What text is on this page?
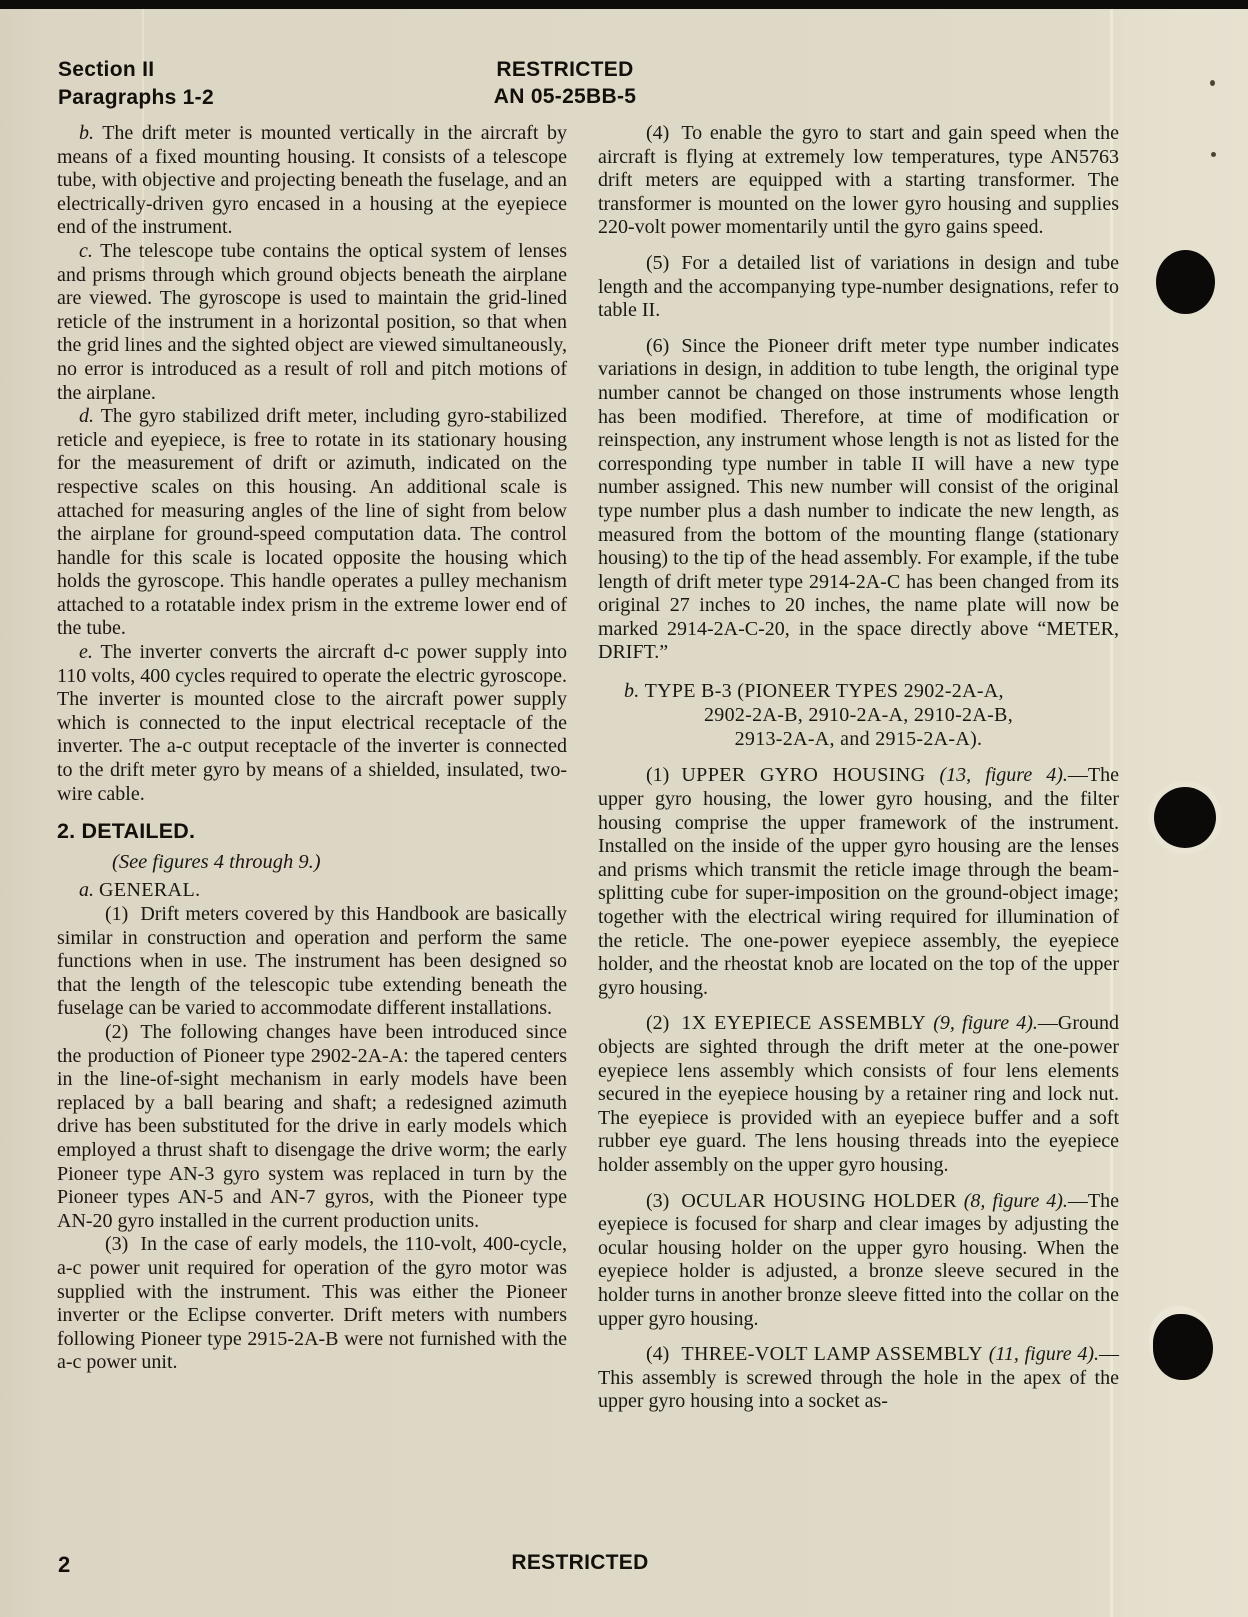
Section II
Paragraphs 1-2
RESTRICTED
AN 05-25BB-5

b. The drift meter is mounted vertically in the aircraft by means of a fixed mounting housing. It consists of a telescope tube, with objective and projecting beneath the fuselage, and an electrically-driven gyro encased in a housing at the eyepiece end of the instrument.

c. The telescope tube contains the optical system of lenses and prisms through which ground objects beneath the airplane are viewed. The gyroscope is used to maintain the grid-lined reticle of the instrument in a horizontal position, so that when the grid lines and the sighted object are viewed simultaneously, no error is introduced as a result of roll and pitch motions of the airplane.

d. The gyro stabilized drift meter, including gyro-stabilized reticle and eyepiece, is free to rotate in its stationary housing for the measurement of drift or azimuth, indicated on the respective scales on this housing. An additional scale is attached for measuring angles of the line of sight from below the airplane for ground-speed computation data. The control handle for this scale is located opposite the housing which holds the gyroscope. This handle operates a pulley mechanism attached to a rotatable index prism in the extreme lower end of the tube.

e. The inverter converts the aircraft d-c power supply into 110 volts, 400 cycles required to operate the electric gyroscope. The inverter is mounted close to the aircraft power supply which is connected to the input electrical receptacle of the inverter. The a-c output receptacle of the inverter is connected to the drift meter gyro by means of a shielded, insulated, two-wire cable.

2. DETAILED.
(See figures 4 through 9.)

a. GENERAL.

(1) Drift meters covered by this Handbook are basically similar in construction and operation and perform the same functions when in use. The instrument has been designed so that the length of the telescopic tube extending beneath the fuselage can be varied to accommodate different installations.

(2) The following changes have been introduced since the production of Pioneer type 2902-2A-A: the tapered centers in the line-of-sight mechanism in early models have been replaced by a ball bearing and shaft; a redesigned azimuth drive has been substituted for the drive in early models which employed a thrust shaft to disengage the drive worm; the early Pioneer type AN-3 gyro system was replaced in turn by the Pioneer types AN-5 and AN-7 gyros, with the Pioneer type AN-20 gyro installed in the current production units.

(3) In the case of early models, the 110-volt, 400-cycle, a-c power unit required for operation of the gyro motor was supplied with the instrument. This was either the Pioneer inverter or the Eclipse converter. Drift meters with numbers following Pioneer type 2915-2A-B were not furnished with the a-c power unit.

(4) To enable the gyro to start and gain speed when the aircraft is flying at extremely low temperatures, type AN5763 drift meters are equipped with a starting transformer. The transformer is mounted on the lower gyro housing and supplies 220-volt power momentarily until the gyro gains speed.

(5) For a detailed list of variations in design and tube length and the accompanying type-number designations, refer to table II.

(6) Since the Pioneer drift meter type number indicates variations in design, in addition to tube length, the original type number cannot be changed on those instruments whose length has been modified. Therefore, at time of modification or reinspection, any instrument whose length is not as listed for the corresponding type number in table II will have a new type number assigned. This new number will consist of the original type number plus a dash number to indicate the new length, as measured from the bottom of the mounting flange (stationary housing) to the tip of the head assembly. For example, if the tube length of drift meter type 2914-2A-C has been changed from its original 27 inches to 20 inches, the name plate will now be marked 2914-2A-C-20, in the space directly above “METER, DRIFT.”

b. TYPE B-3 (PIONEER TYPES 2902-2A-A,
2902-2A-B, 2910-2A-A, 2910-2A-B,
2913-2A-A, and 2915-2A-A).

(1) UPPER GYRO HOUSING (13, figure 4).—The upper gyro housing, the lower gyro housing, and the filter housing comprise the upper framework of the instrument. Installed on the inside of the upper gyro housing are the lenses and prisms which transmit the reticle image through the beam-splitting cube for super-imposition on the ground-object image; together with the electrical wiring required for illumination of the reticle. The one-power eyepiece assembly, the eyepiece holder, and the rheostat knob are located on the top of the upper gyro housing.

(2) 1X EYEPIECE ASSEMBLY (9, figure 4).—Ground objects are sighted through the drift meter at the one-power eyepiece lens assembly which consists of four lens elements secured in the eyepiece housing by a retainer ring and lock nut. The eyepiece is provided with an eyepiece buffer and a soft rubber eye guard. The lens housing threads into the eyepiece holder assembly on the upper gyro housing.

(3) OCULAR HOUSING HOLDER (8, figure 4).—The eyepiece is focused for sharp and clear images by adjusting the ocular housing holder on the upper gyro housing. When the eyepiece holder is adjusted, a bronze sleeve secured in the holder turns in another bronze sleeve fitted into the collar on the upper gyro housing.

(4) THREE-VOLT LAMP ASSEMBLY (11, figure 4).—This assembly is screwed through the hole in the apex of the upper gyro housing into a socket as-

2	RESTRICTED
